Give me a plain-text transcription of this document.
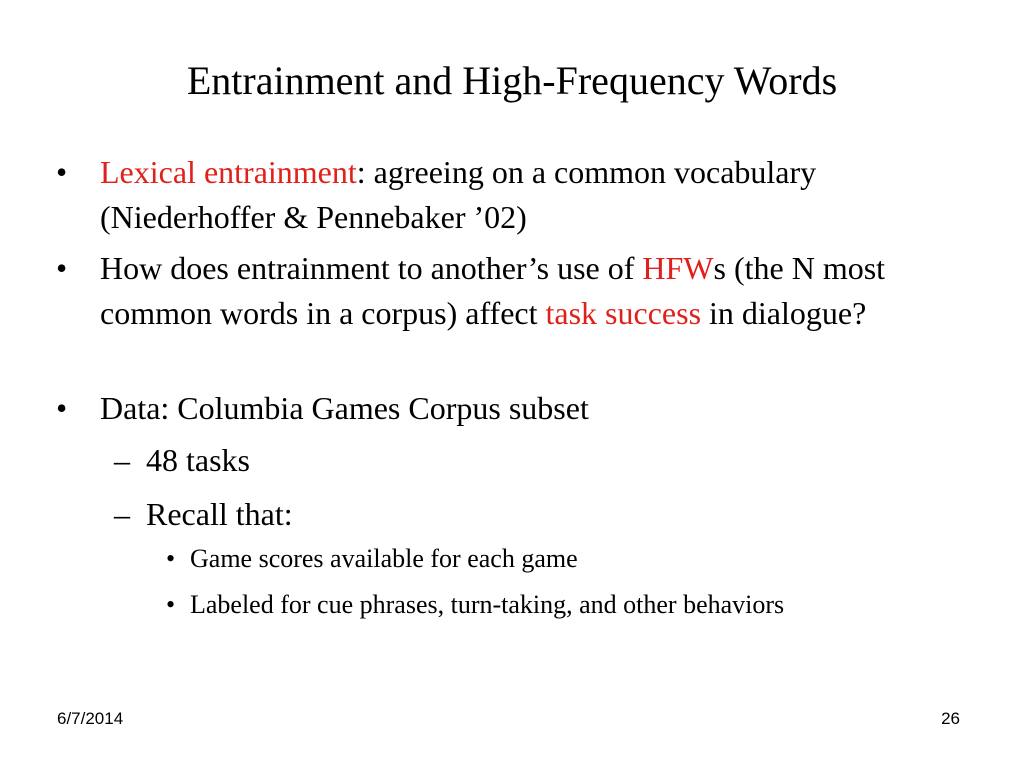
Entrainment and High-Frequency Words
• Lexical entrainment: agreeing on a common vocabulary (Niederhoffer & Pennebaker ’02)
• How does entrainment to another’s use of HFWs (the N most common words in a corpus) affect task success in dialogue?
• Data: Columbia Games Corpus subset
– 48 tasks
– Recall that:
• Game scores available for each game
• Labeled for cue phrases, turn-taking, and other behaviors
6/7/2014	26
